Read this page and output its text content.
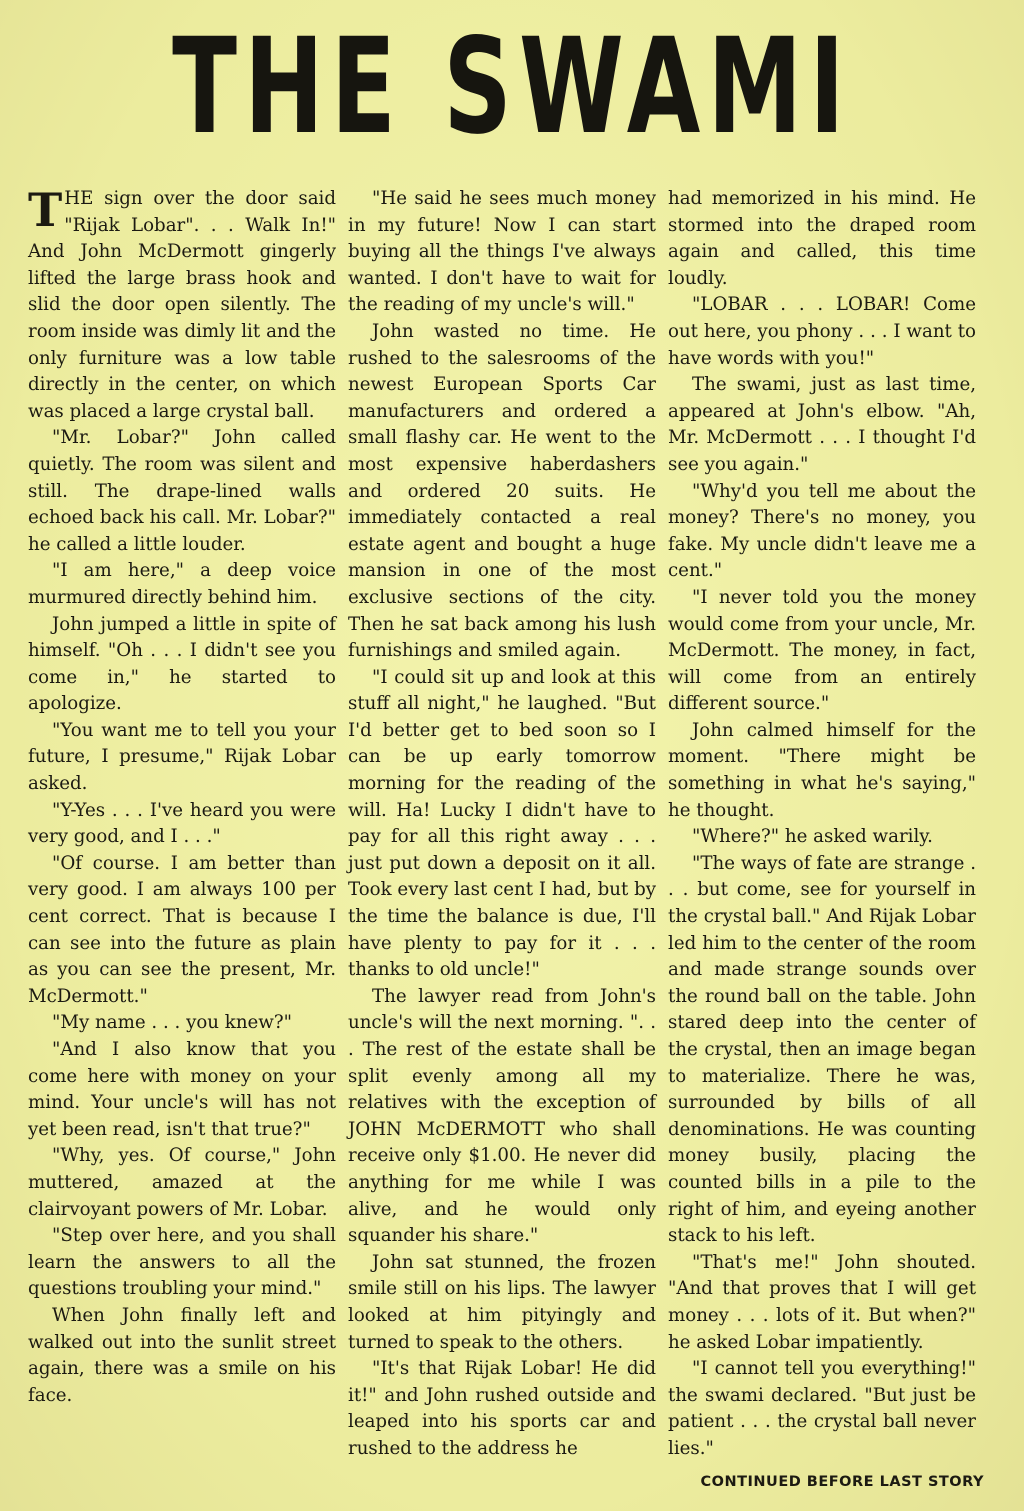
THE SWAMI

THE sign over the door said "Rijak Lobar". . . Walk In!" And John McDermott gingerly lifted the large brass hook and slid the door open silently. The room inside was dimly lit and the only furniture was a low table directly in the center, on which was placed a large crystal ball.

"Mr. Lobar?" John called quietly. The room was silent and still. The drape-lined walls echoed back his call. Mr. Lobar?" he called a little louder.

"I am here," a deep voice murmured directly behind him.

John jumped a little in spite of himself. "Oh . . . I didn't see you come in," he started to apologize.

"You want me to tell you your future, I presume," Rijak Lobar asked.

"Y-Yes . . . I've heard you were very good, and I . . ."

"Of course. I am better than very good. I am always 100 per cent correct. That is because I can see into the future as plain as you can see the present, Mr. McDermott."

"My name . . . you knew?"

"And I also know that you come here with money on your mind. Your uncle's will has not yet been read, isn't that true?"

"Why, yes. Of course," John muttered, amazed at the clairvoyant powers of Mr. Lobar.

"Step over here, and you shall learn the answers to all the questions troubling your mind."

When John finally left and walked out into the sunlit street again, there was a smile on his face.

"He said he sees much money in my future! Now I can start buying all the things I've always wanted. I don't have to wait for the reading of my uncle's will."

John wasted no time. He rushed to the salesrooms of the newest European Sports Car manufacturers and ordered a small flashy car. He went to the most expensive haberdashers and ordered 20 suits. He immediately contacted a real estate agent and bought a huge mansion in one of the most exclusive sections of the city. Then he sat back among his lush furnishings and smiled again.

"I could sit up and look at this stuff all night," he laughed. "But I'd better get to bed soon so I can be up early tomorrow morning for the reading of the will. Ha! Lucky I didn't have to pay for all this right away . . . just put down a deposit on it all. Took every last cent I had, but by the time the balance is due, I'll have plenty to pay for it . . . thanks to old uncle!"

The lawyer read from John's uncle's will the next morning. ". . . The rest of the estate shall be split evenly among all my relatives with the exception of JOHN McDERMOTT who shall receive only $1.00. He never did anything for me while I was alive, and he would only squander his share."

John sat stunned, the frozen smile still on his lips. The lawyer looked at him pityingly and turned to speak to the others.

"It's that Rijak Lobar! He did it!" and John rushed outside and leaped into his sports car and rushed to the address he

had memorized in his mind. He stormed into the draped room again and called, this time loudly.

"LOBAR . . . LOBAR! Come out here, you phony . . . I want to have words with you!"

The swami, just as last time, appeared at John's elbow. "Ah, Mr. McDermott . . . I thought I'd see you again."

"Why'd you tell me about the money? There's no money, you fake. My uncle didn't leave me a cent."

"I never told you the money would come from your uncle, Mr. McDermott. The money, in fact, will come from an entirely different source."

John calmed himself for the moment. "There might be something in what he's saying," he thought.

"Where?" he asked warily.

"The ways of fate are strange . . . but come, see for yourself in the crystal ball." And Rijak Lobar led him to the center of the room and made strange sounds over the round ball on the table. John stared deep into the center of the crystal, then an image began to materialize. There he was, surrounded by bills of all denominations. He was counting money busily, placing the counted bills in a pile to the right of him, and eyeing another stack to his left.

"That's me!" John shouted. "And that proves that I will get money . . . lots of it. But when?" he asked Lobar impatiently.

"I cannot tell you everything!" the swami declared. "But just be patient . . . the crystal ball never lies."

CONTINUED BEFORE LAST STORY
